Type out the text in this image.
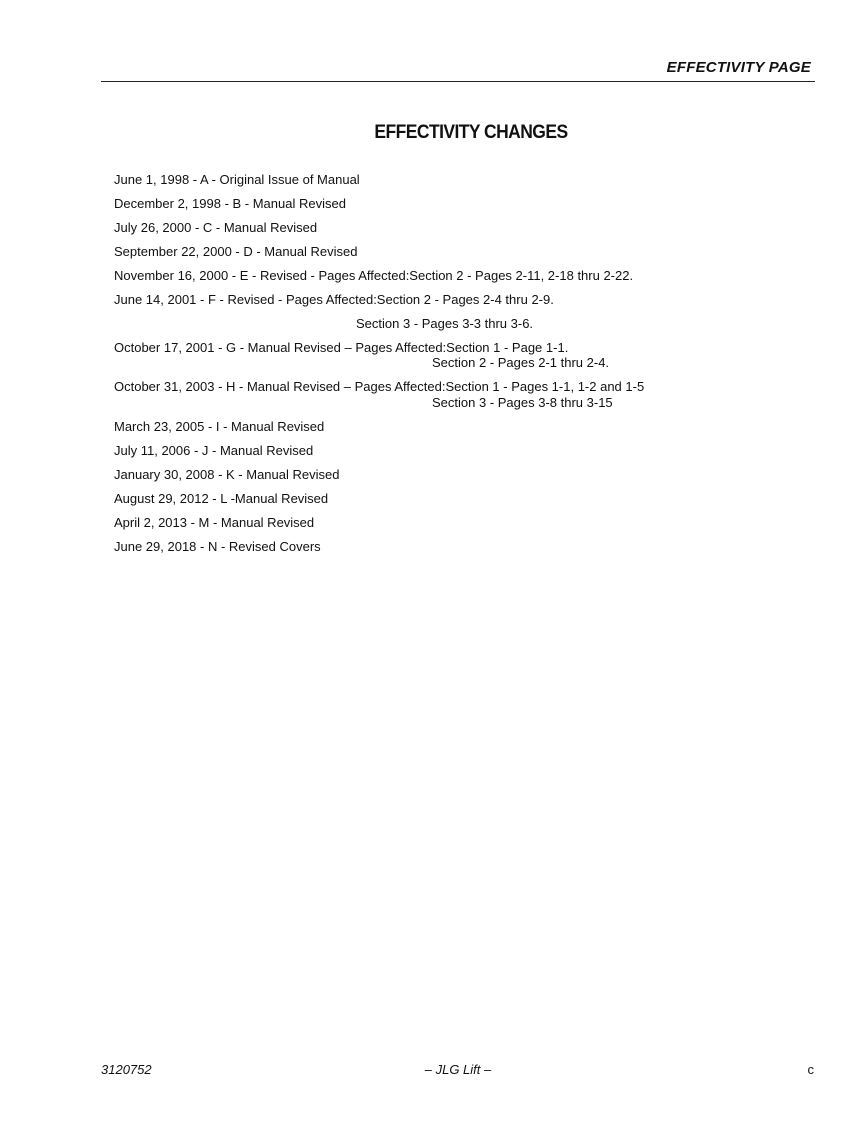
EFFECTIVITY PAGE
EFFECTIVITY CHANGES
June 1, 1998 - A - Original Issue of Manual
December 2, 1998 - B - Manual Revised
July 26, 2000 - C - Manual Revised
September 22, 2000 - D - Manual Revised
November 16, 2000 - E - Revised - Pages Affected:Section 2 - Pages 2-11, 2-18 thru 2-22.
June 14, 2001 - F - Revised - Pages Affected:Section 2 - Pages 2-4 thru 2-9.
Section 3 - Pages 3-3 thru 3-6.
October 17, 2001 - G - Manual Revised – Pages Affected:Section 1 - Page 1-1.
Section 2 - Pages 2-1 thru 2-4.
October 31, 2003 - H - Manual Revised – Pages Affected:Section 1 - Pages 1-1, 1-2 and 1-5
Section 3 - Pages 3-8 thru 3-15
March 23, 2005 - I - Manual Revised
July 11, 2006 - J - Manual Revised
January 30, 2008 - K - Manual Revised
August 29, 2012 - L -Manual Revised
April 2, 2013 - M - Manual Revised
June 29, 2018 - N - Revised Covers
3120752	– JLG Lift –	c
